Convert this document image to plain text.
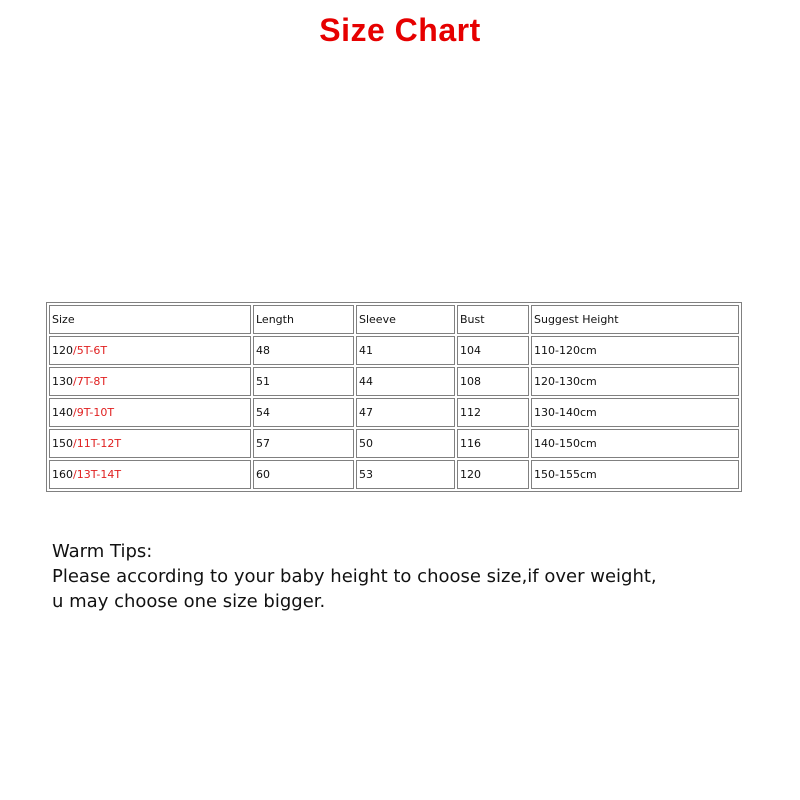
Size Chart
Size	Length	Sleeve	Bust	Suggest Height
120/5T-6T	48	41	104	110-120cm
130/7T-8T	51	44	108	120-130cm
140/9T-10T	54	47	112	130-140cm
150/11T-12T	57	50	116	140-150cm
160/13T-14T	60	53	120	150-155cm
Warm Tips:
Please according to your baby height to choose size,if over weight,
u may choose one size bigger.
